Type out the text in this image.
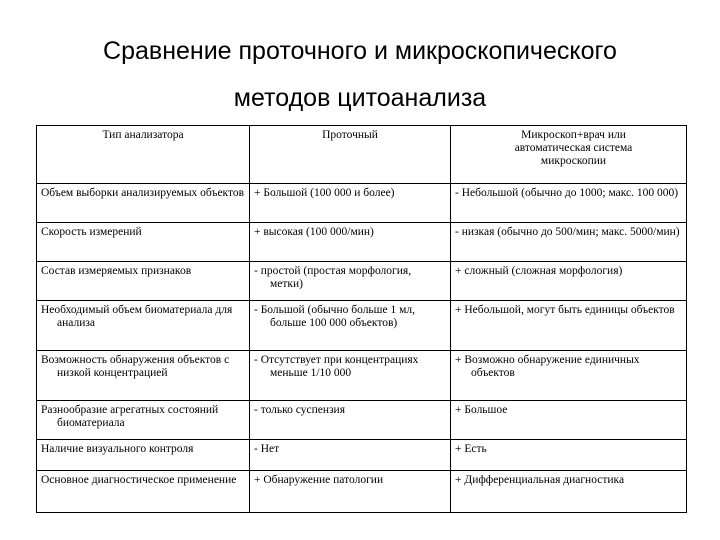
Сравнение проточного и микроскопического
методов цитоанализа
Тип анализатора	Проточный	Микроскоп+врач или автоматическая система микроскопии

Объем выборки анализируемых объектов	+ Большой (100 000 и более)	- Небольшой (обычно до 1000; макс. 100 000)

Скорость измерений	+ высокая (100 000/мин)	- низкая (обычно до 500/мин; макс. 5000/мин)

Состав измеряемых признаков	- простой (простая морфология, метки)	+ сложный (сложная морфология)

Необходимый объем биоматериала для анализа	- Большой (обычно больше 1 мл, больше 100 000 объектов)	+ Небольшой, могут быть единицы объектов

Возможность обнаружения объектов с низкой концентрацией	- Отсутствует при концентрациях меньше 1/10 000	+ Возможно обнаружение единичных объектов

Разнообразие агрегатных состояний биоматериала	- только суспензия	+ Большое

Наличие визуального контроля	- Нет	+ Есть

Основное диагностическое применение	+ Обнаружение патологии	+ Дифференциальная диагностика
